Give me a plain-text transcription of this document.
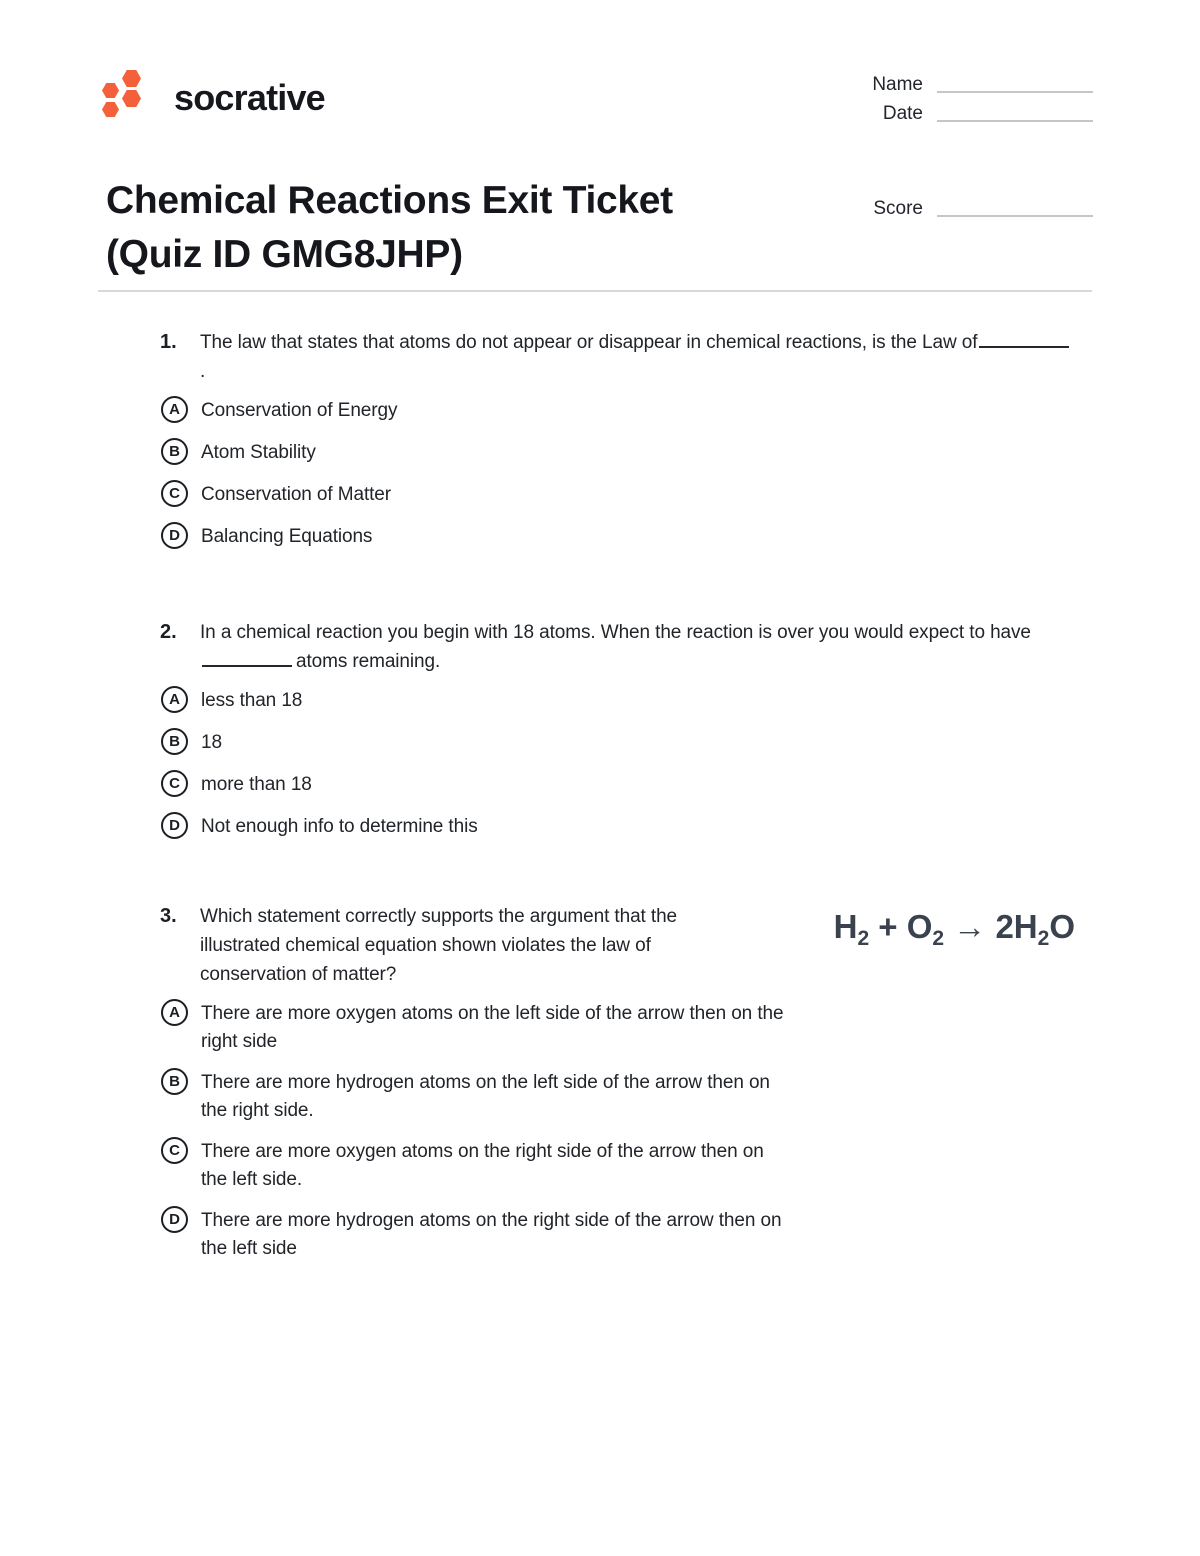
socrative	Name
Date
Score
Chemical Reactions Exit Ticket
(Quiz ID GMG8JHP)
1.	The law that states that atoms do not appear or disappear in chemical reactions, is the Law of.
A	Conservation of Energy
B	Atom Stability
C	Conservation of Matter
D	Balancing Equations
2.	In a chemical reaction you begin with 18 atoms. When the reaction is over you would expect to haveatoms remaining.
A	less than 18
B	18
C	more than 18
D	Not enough info to determine this
3.	Which statement correctly supports the argument that the illustrated chemical equation shown violates the law of conservation of matter?
$H_2 + O_2 \to 2H_2O$
A	There are more oxygen atoms on the left side of the arrow then on the right side
B	There are more hydrogen atoms on the left side of the arrow then on the right side.
C	There are more oxygen atoms on the right side of the arrow then on the left side.
D	There are more hydrogen atoms on the right side of the arrow then on the left side
